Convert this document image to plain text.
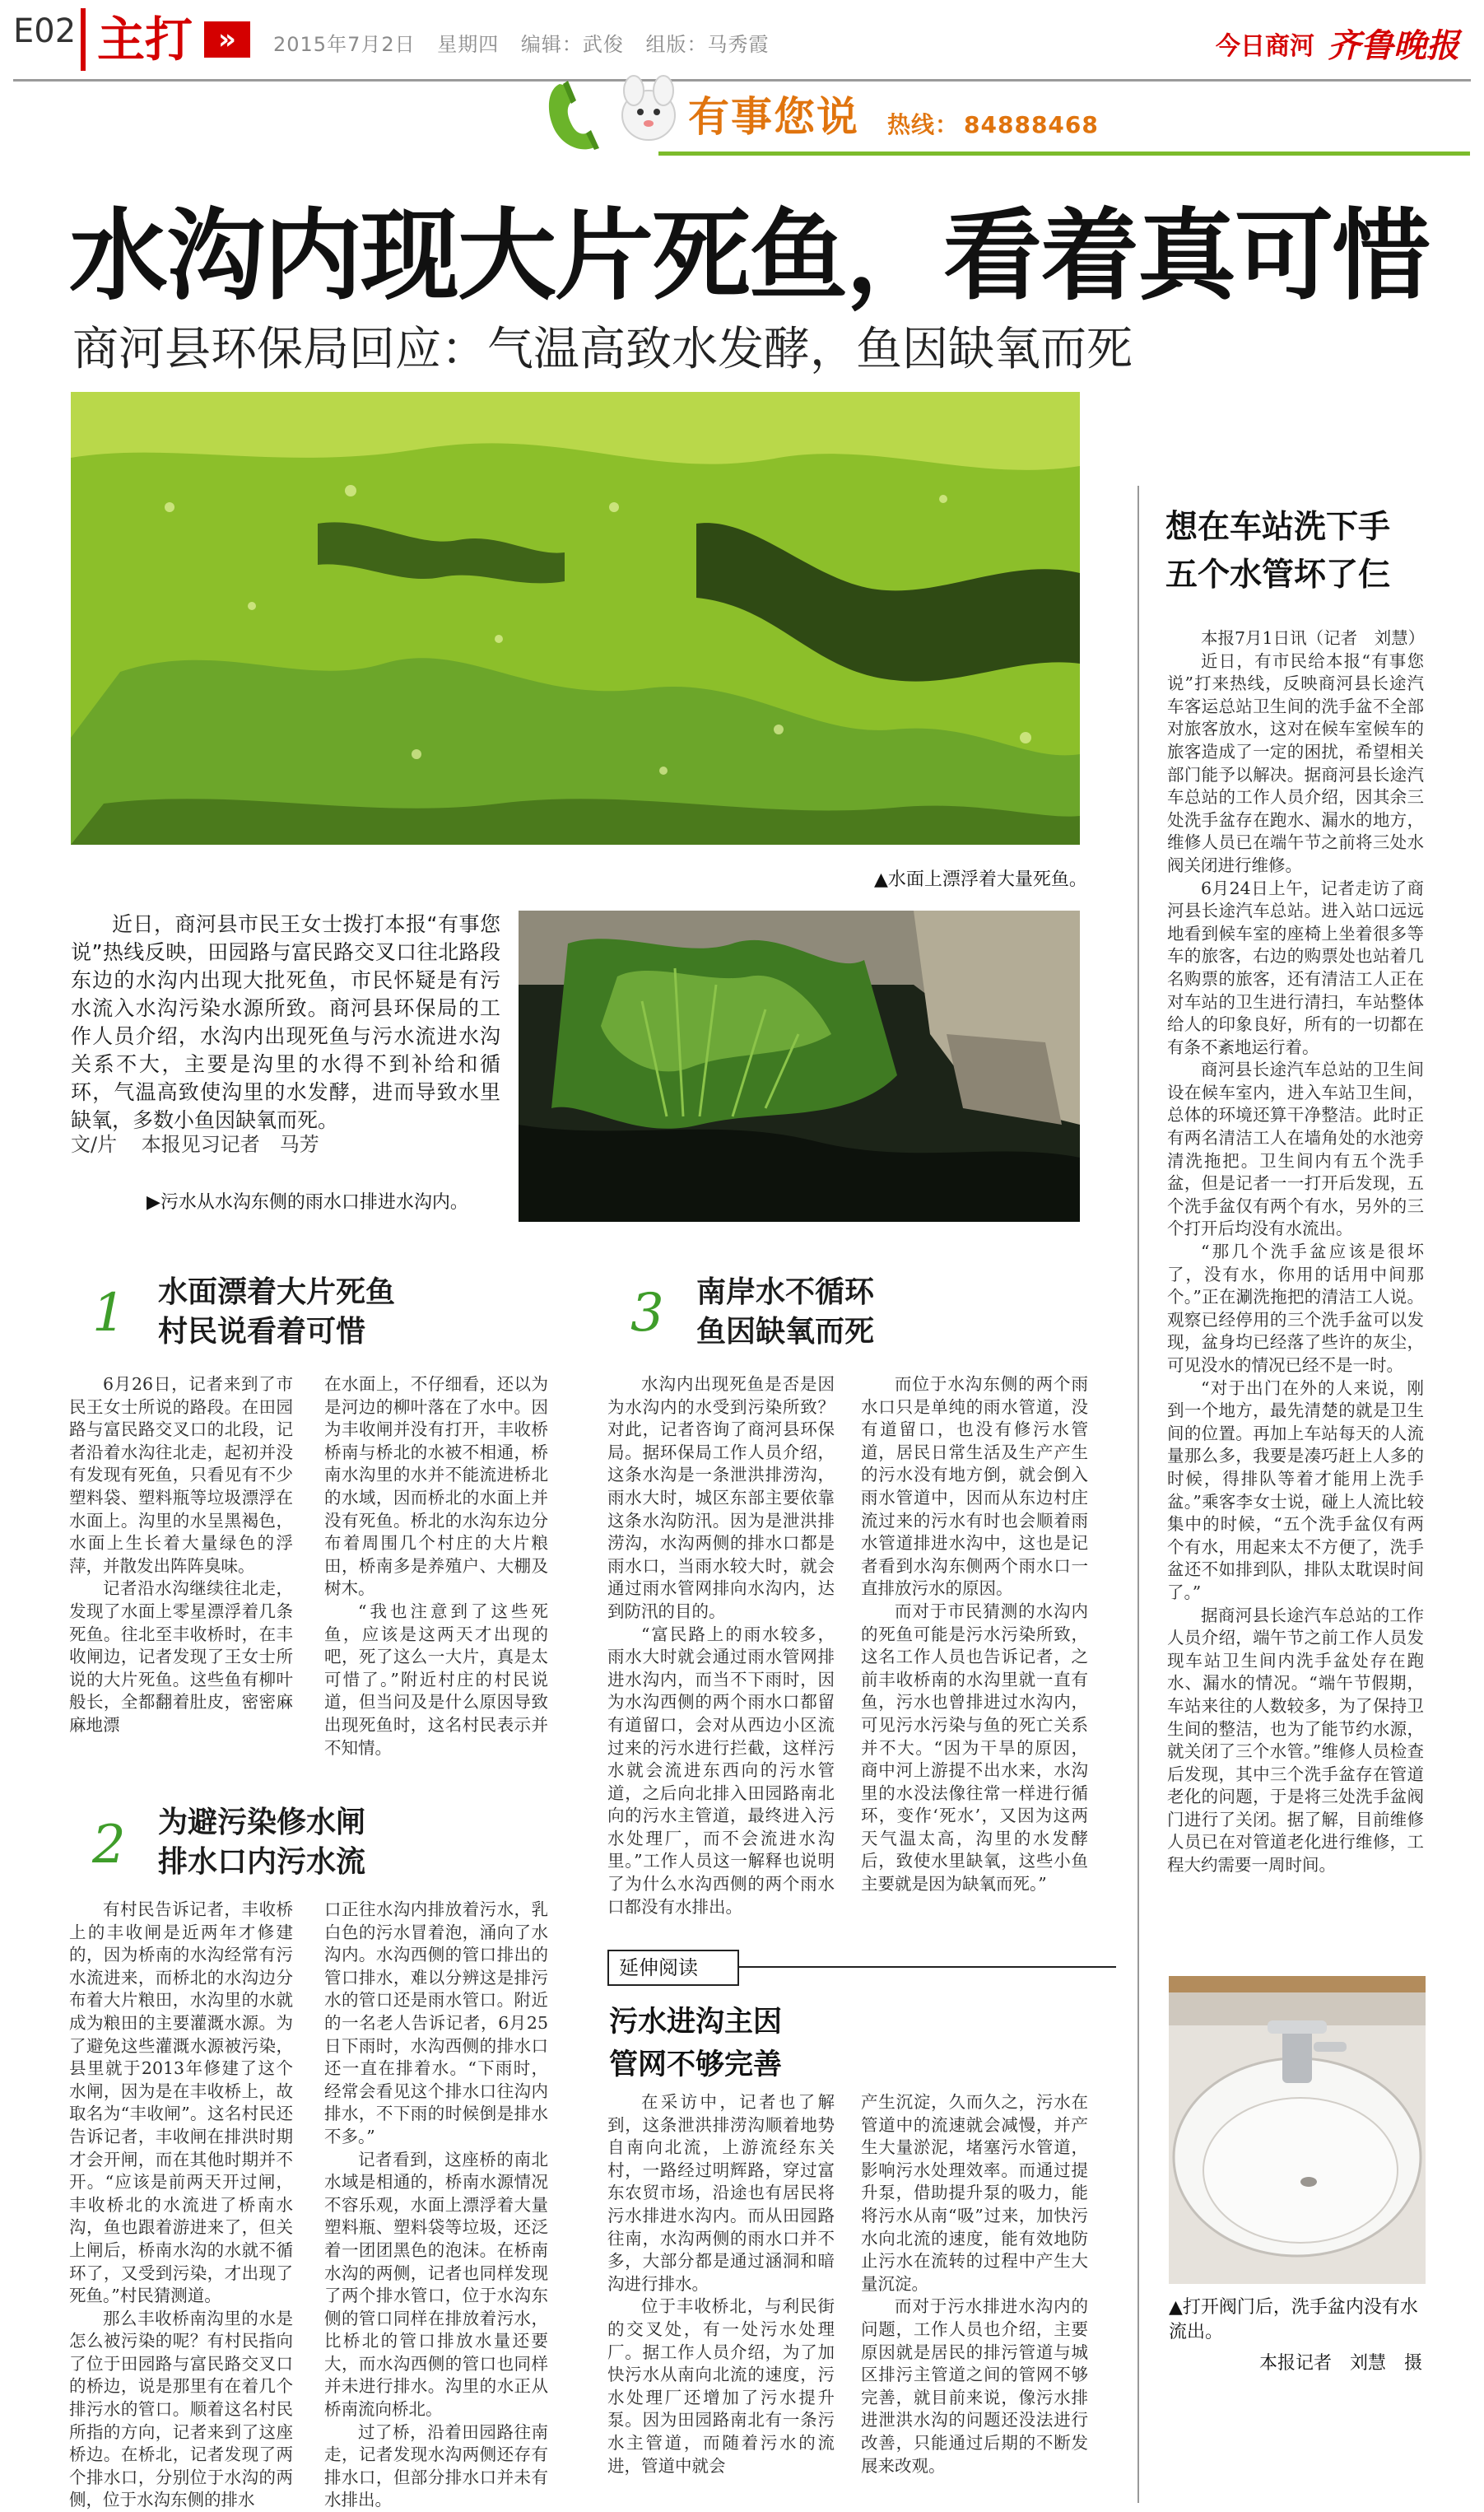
E02 主打 »	2015年7月2日 星期四 编辑：武俊 组版：马秀霞	今日商河 齐鲁晚报
有事您说 热线： 84888468
水沟内现大片死鱼，看着真可惜
商河县环保局回应：气温高致水发酵，鱼因缺氧而死
▲水面上漂浮着大量死鱼。
近日，商河县市民王女士拨打本报“有事您说”热线反映，田园路与富民路交叉口往北路段东边的水沟内出现大批死鱼，市民怀疑是有污水流入水沟污染水源所致。商河县环保局的工作人员介绍，水沟内出现死鱼与污水流进水沟关系不大，主要是沟里的水得不到补给和循环，气温高致使沟里的水发酵，进而导致水里缺氧，多数小鱼因缺氧而死。
文/片 本报见习记者　马芳
▶污水从水沟东侧的雨水口排进水沟内。
1 水面漂着大片死鱼
村民说看着可惜

6月26日，记者来到了市民王女士所说的路段。在田园路与富民路交叉口的北段，记者沿着水沟往北走，起初并没有发现有死鱼，只看见有不少塑料袋、塑料瓶等垃圾漂浮在水面上。沟里的水呈黑褐色，水面上生长着大量绿色的浮萍，并散发出阵阵臭味。

记者沿水沟继续往北走，发现了水面上零星漂浮着几条死鱼。往北至丰收桥时，在丰收闸边，记者发现了王女士所说的大片死鱼。这些鱼有柳叶般长，全都翻着肚皮，密密麻麻地漂

在水面上，不仔细看，还以为是河边的柳叶落在了水中。因为丰收闸并没有打开，丰收桥桥南与桥北的水被不相通，桥南水沟里的水并不能流进桥北的水域，因而桥北的水面上并没有死鱼。桥北的水沟东边分布着周围几个村庄的大片粮田，桥南多是养殖户、大棚及树木。

“我也注意到了这些死鱼，应该是这两天才出现的吧，死了这么一大片，真是太可惜了。”附近村庄的村民说道，但当问及是什么原因导致出现死鱼时，这名村民表示并不知情。

2 为避污染修水闸
排水口内污水流

有村民告诉记者，丰收桥上的丰收闸是近两年才修建的，因为桥南的水沟经常有污水流进来，而桥北的水沟边分布着大片粮田，水沟里的水就成为粮田的主要灌溉水源。为了避免这些灌溉水源被污染，县里就于2013年修建了这个水闸，因为是在丰收桥上，故取名为“丰收闸”。这名村民还告诉记者，丰收闸在排洪时期才会开闸，而在其他时期并不开。“应该是前两天开过闸，丰收桥北的水流进了桥南水沟，鱼也跟着游进来了，但关上闸后，桥南水沟的水就不循环了，又受到污染，才出现了死鱼。”村民猜测道。

那么丰收桥南沟里的水是怎么被污染的呢？有村民指向了位于田园路与富民路交叉口的桥边，说是那里有在着几个排污水的管口。顺着这名村民所指的方向，记者来到了这座桥边。在桥北，记者发现了两个排水口，分别位于水沟的两侧，位于水沟东侧的排水

口正往水沟内排放着污水，乳白色的污水冒着泡，涌向了水沟内。水沟西侧的管口排出的管口排水，难以分辨这是排污水的管口还是雨水管口。附近的一名老人告诉记者，6月25日下雨时，水沟西侧的排水口还一直在排着水。“下雨时，经常会看见这个排水口往沟内排水，不下雨的时候倒是排水不多。”

记者看到，这座桥的南北水域是相通的，桥南水源情况不容乐观，水面上漂浮着大量塑料瓶、塑料袋等垃圾，还泛着一团团黑色的泡沫。在桥南水沟的两侧，记者也同样发现了两个排水管口，位于水沟东侧的管口同样在排放着污水，比桥北的管口排放水量还要大，而水沟西侧的管口也同样并未进行排水。沟里的水正从桥南流向桥北。

过了桥，沿着田园路往南走，记者发现水沟两侧还存有排水口，但部分排水口并未有水排出。

3 南岸水不循环
鱼因缺氧而死

水沟内出现死鱼是否是因为水沟内的水受到污染所致？对此，记者咨询了商河县环保局。据环保局工作人员介绍，这条水沟是一条泄洪排涝沟，雨水大时，城区东部主要依靠这条水沟防汛。因为是泄洪排涝沟，水沟两侧的排水口都是雨水口，当雨水较大时，就会通过雨水管网排向水沟内，达到防汛的目的。

“富民路上的雨水较多，雨水大时就会通过雨水管网排进水沟内，而当不下雨时，因为水沟西侧的两个雨水口都留有道留口，会对从西边小区流过来的污水进行拦截，这样污水就会流进东西向的污水管道，之后向北排入田园路南北向的污水主管道，最终进入污水处理厂，而不会流进水沟里。”工作人员这一解释也说明了为什么水沟西侧的两个雨水口都没有水排出。

而位于水沟东侧的两个雨水口只是单纯的雨水管道，没有道留口，也没有修污水管道，居民日常生活及生产产生的污水没有地方倒，就会倒入雨水管道中，因而从东边村庄流过来的污水有时也会顺着雨水管道排进水沟中，这也是记者看到水沟东侧两个雨水口一直排放污水的原因。

而对于市民猜测的水沟内的死鱼可能是污水污染所致，这名工作人员也告诉记者，之前丰收桥南的水沟里就一直有鱼，污水也曾排进过水沟内，可见污水污染与鱼的死亡关系并不大。“因为干旱的原因，商中河上游提不出水来，水沟里的水没法像往常一样进行循环，变作‘死水’，又因为这两天气温太高，沟里的水发酵后，致使水里缺氧，这些小鱼主要就是因为缺氧而死。”

延伸阅读
污水进沟主因
管网不够完善

在采访中，记者也了解到，这条泄洪排涝沟顺着地势自南向北流，上游流经东关村，一路经过明辉路，穿过富东农贸市场，沿途也有居民将污水排进水沟内。而从田园路往南，水沟两侧的雨水口并不多，大部分都是通过涵洞和暗沟进行排水。

位于丰收桥北，与利民街的交叉处，有一处污水处理厂。据工作人员介绍，为了加快污水从南向北流的速度，污水处理厂还增加了污水提升泵。因为田园路南北有一条污水主管道，而随着污水的流进，管道中就会

产生沉淀，久而久之，污水在管道中的流速就会减慢，并产生大量淤泥，堵塞污水管道，影响污水处理效率。而通过提升泵，借助提升泵的吸力，能将污水从南“吸”过来，加快污水向北流的速度，能有效地防止污水在流转的过程中产生大量沉淀。

而对于污水排进水沟内的问题，工作人员也介绍，主要原因就是居民的排污管道与城区排污主管道之间的管网不够完善，就目前来说，像污水排进泄洪水沟的问题还没法进行改善，只能通过后期的不断发展来改观。

想在车站洗下手
五个水管坏了仨

本报7月1日讯（记者　刘慧）

近日，有市民给本报“有事您说”打来热线，反映商河县长途汽车客运总站卫生间的洗手盆不全部对旅客放水，这对在候车室候车的旅客造成了一定的困扰，希望相关部门能予以解决。据商河县长途汽车总站的工作人员介绍，因其余三处洗手盆存在跑水、漏水的地方，维修人员已在端午节之前将三处水阀关闭进行维修。

6月24日上午，记者走访了商河县长途汽车总站。进入站口远远地看到候车室的座椅上坐着很多等车的旅客，右边的购票处也站着几名购票的旅客，还有清洁工人正在对车站的卫生进行清扫，车站整体给人的印象良好，所有的一切都在有条不紊地运行着。

商河县长途汽车总站的卫生间设在候车室内，进入车站卫生间，总体的环境还算干净整洁。此时正有两名清洁工人在墙角处的水池旁清洗拖把。卫生间内有五个洗手盆，但是记者一一打开后发现，五个洗手盆仅有两个有水，另外的三个打开后均没有水流出。

“那几个洗手盆应该是很坏了，没有水，你用的话用中间那个。”正在涮洗拖把的清洁工人说。观察已经停用的三个洗手盆可以发现，盆身均已经落了些许的灰尘，可见没水的情况已经不是一时。

“对于出门在外的人来说，刚到一个地方，最先清楚的就是卫生间的位置。再加上车站每天的人流量那么多，我要是凑巧赶上人多的时候，得排队等着才能用上洗手盆。”乘客李女士说，碰上人流比较集中的时候，“五个洗手盆仅有两个有水，用起来太不方便了，洗手盆还不如排到队，排队太耽误时间了。”

据商河县长途汽车总站的工作人员介绍，端午节之前工作人员发现车站卫生间内洗手盆处存在跑水、漏水的情况。“端午节假期，车站来往的人数较多，为了保持卫生间的整洁，也为了能节约水源，就关闭了三个水管。”维修人员检查后发现，其中三个洗手盆存在管道老化的问题，于是将三处洗手盆阀门进行了关闭。据了解，目前维修人员已在对管道老化进行维修，工程大约需要一周时间。

▲打开阀门后，洗手盆内没有水流出。
本报记者　刘慧　摄
